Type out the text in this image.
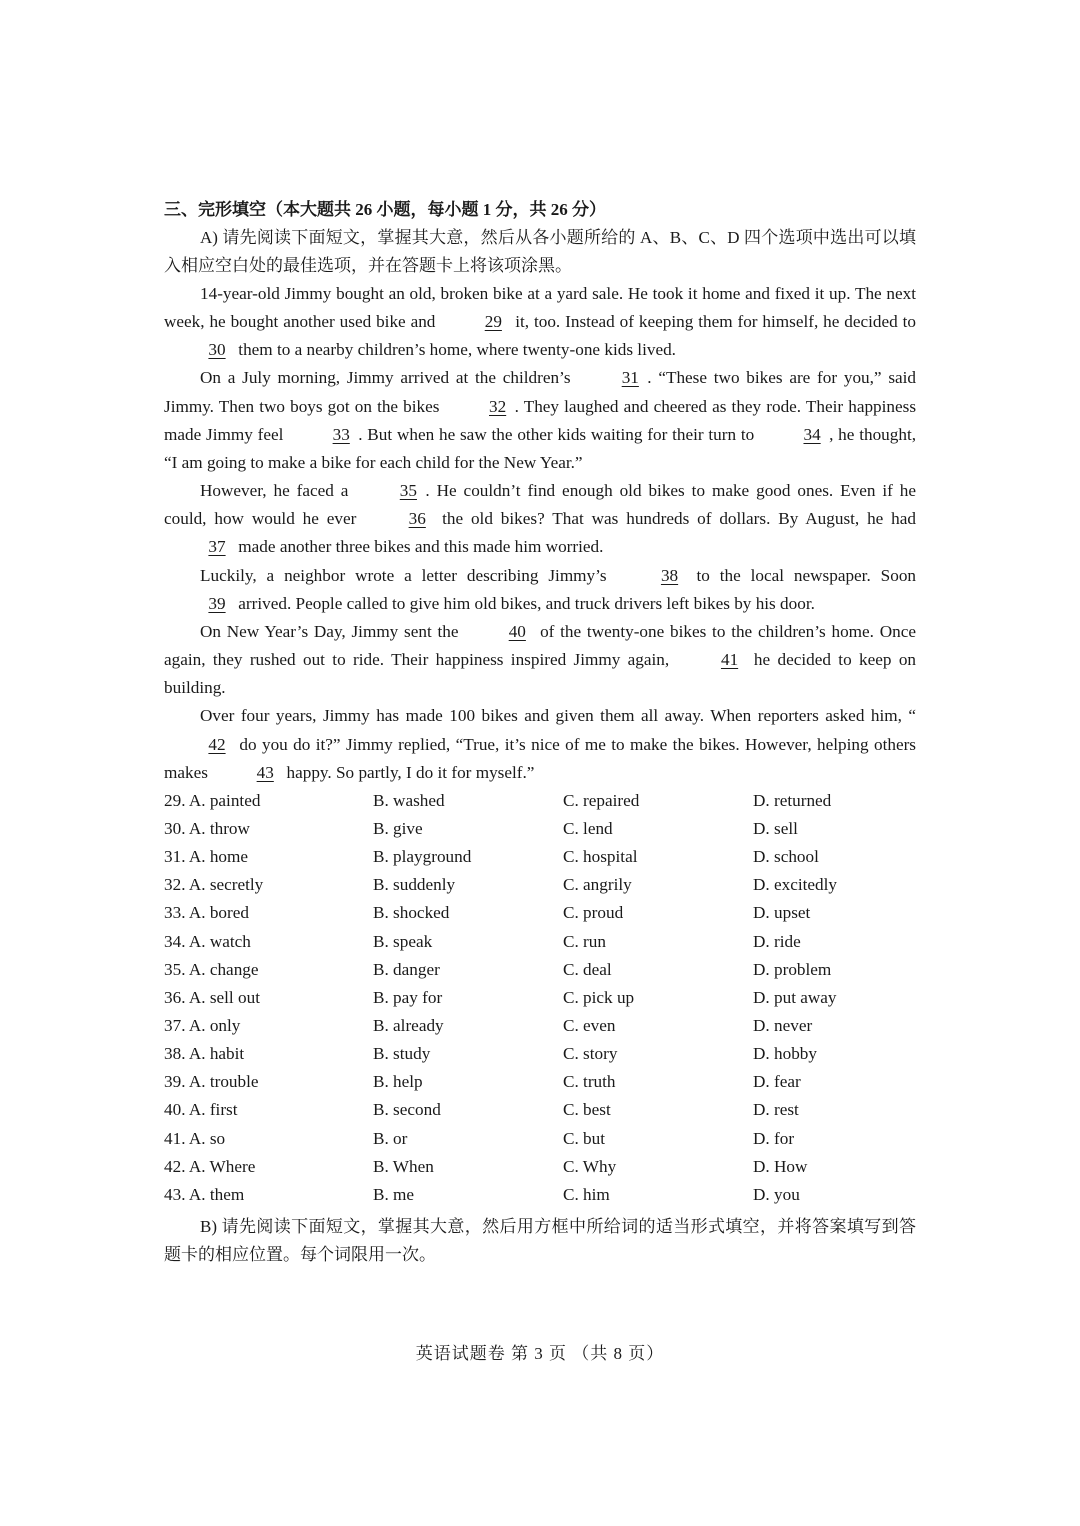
三、完形填空（本大题共 26 小题，每小题 1 分，共 26 分）

A) 请先阅读下面短文，掌握其大意，然后从各小题所给的 A、B、C、D 四个选项中选出可以填入相应空白处的最佳选项，并在答题卡上将该项涂黑。

14-year-old Jimmy bought an old, broken bike at a yard sale. He took it home and fixed it up. The next week, he bought another used bike and	29 it, too. Instead of keeping them for himself, he decided to 30 them to a nearby children’s home, where twenty-one kids lived.

On a July morning, Jimmy arrived at the children’s	31 . “These two bikes are for you,” said Jimmy. Then two boys got on the bikes	32 . They laughed and cheered as they rode. Their happiness made Jimmy feel	33 . But when he saw the other kids waiting for their turn to	34 , he thought, “I am going to make a bike for each child for the New Year.”

However, he faced a	35 . He couldn’t find enough old bikes to make good ones. Even if he could, how would he ever	36 the old bikes? That was hundreds of dollars. By August, he had 37 made another three bikes and this made him worried.

Luckily, a neighbor wrote a letter describing Jimmy’s	38 to the local newspaper. Soon 39 arrived. People called to give him old bikes, and truck drivers left bikes by his door.

On New Year’s Day, Jimmy sent the	40 of the twenty-one bikes to the children’s home. Once again, they rushed out to ride. Their happiness inspired Jimmy again,	41 he decided to keep on building.

Over four years, Jimmy has made 100 bikes and given them all away. When reporters asked him, “42 do you do it?” Jimmy replied, “True, it’s nice of me to make the bikes. However, helping others makes	43 happy. So partly, I do it for myself.”

29. A. painted	B. washed	C. repaired	D. returned
30. A. throw	B. give	C. lend	D. sell
31. A. home	B. playground	C. hospital	D. school
32. A. secretly	B. suddenly	C. angrily	D. excitedly
33. A. bored	B. shocked	C. proud	D. upset
34. A. watch	B. speak	C. run	D. ride
35. A. change	B. danger	C. deal	D. problem
36. A. sell out	B. pay for	C. pick up	D. put away
37. A. only	B. already	C. even	D. never
38. A. habit	B. study	C. story	D. hobby
39. A. trouble	B. help	C. truth	D. fear
40. A. first	B. second	C. best	D. rest
41. A. so	B. or	C. but	D. for
42. A. Where	B. When	C. Why	D. How
43. A. them	B. me	C. him	D. you

B) 请先阅读下面短文，掌握其大意，然后用方框中所给词的适当形式填空，并将答案填写到答题卡的相应位置。每个词限用一次。

英语试题卷 第 3 页 （共 8 页）
